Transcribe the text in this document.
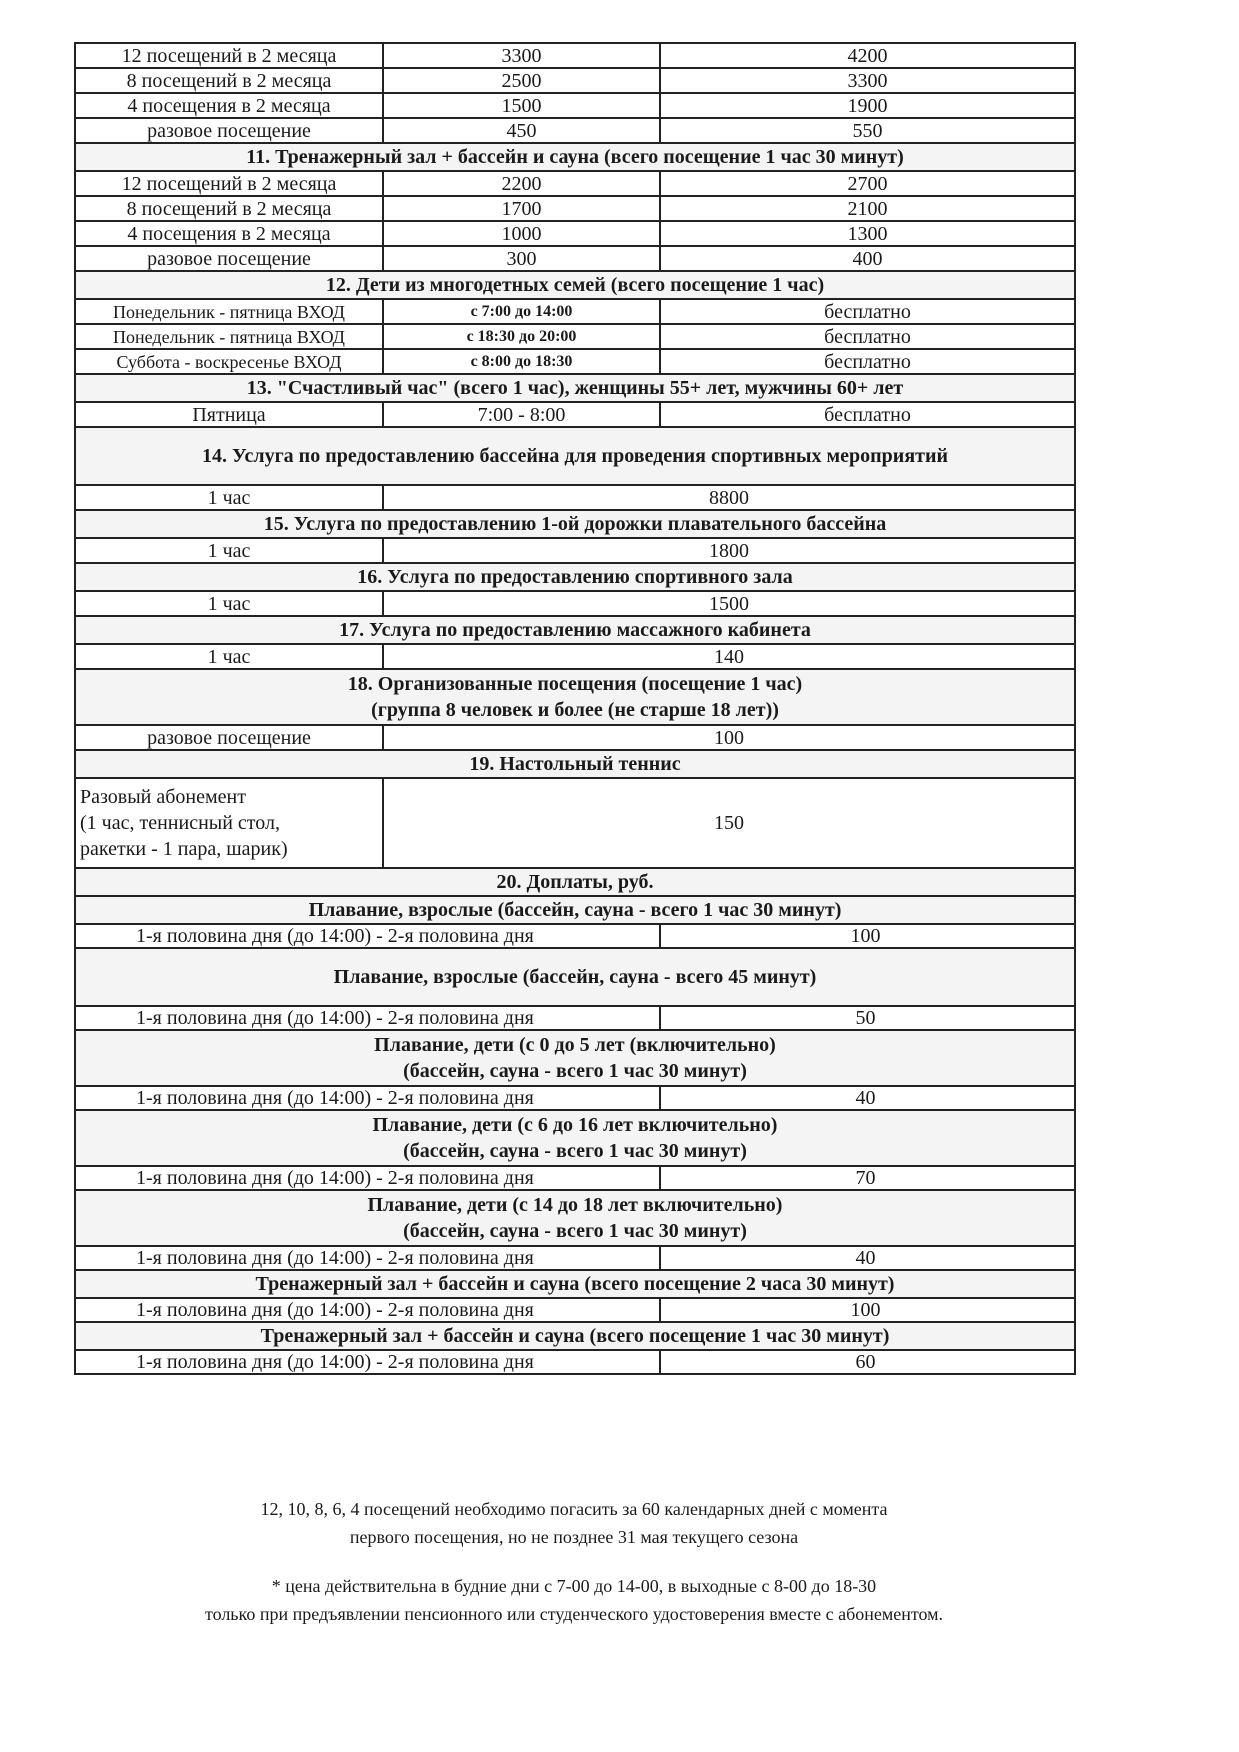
12 посещений в 2 месяца	3300	4200
8 посещений в 2 месяца	2500	3300
4 посещения в 2 месяца	1500	1900
разовое посещение	450	550
11. Тренажерный зал + бассейн и сауна (всего посещение 1 час 30 минут)		
12 посещений в 2 месяца	2200	2700
8 посещений в 2 месяца	1700	2100
4 посещения в 2 месяца	1000	1300
разовое посещение	300	400
12. Дети из многодетных семей (всего посещение 1 час)		
Понедельник - пятница ВХОД	с 7:00 до 14:00	бесплатно
Понедельник - пятница ВХОД	с 18:30 до 20:00	бесплатно
Суббота - воскресенье ВХОД	с 8:00 до 18:30	бесплатно
13. "Счастливый час" (всего 1 час), женщины 55+ лет, мужчины 60+ лет		
Пятница	7:00 - 8:00	бесплатно
14. Услуга по предоставлению бассейна для проведения спортивных мероприятий		
1 час	8800	
15. Услуга по предоставлению 1-ой дорожки плавательного бассейна		
1 час	1800	
16. Услуга по предоставлению спортивного зала		
1 час	1500	
17. Услуга по предоставлению массажного кабинета		
1 час	140	

18. Организованные посещения (посещение 1 час)
(группа 8 человек и более (не старше 18 лет))		

разовое посещение	100	
19. Настольный теннис		

Разовый абонемент
(1 час, теннисный стол,
ракетки - 1 пара, шарик)	150	
20. Доплаты, руб.		
Плавание, взрослые (бассейн, сауна - всего 1 час 30 минут)		
1-я половина дня (до 14:00) - 2-я половина дня		100
Плавание, взрослые (бассейн, сауна - всего 45 минут)		
1-я половина дня (до 14:00) - 2-я половина дня		50

Плавание, дети (с 0 до 5 лет (включительно)
(бассейн, сауна - всего 1 час 30 минут)		

1-я половина дня (до 14:00) - 2-я половина дня		40

Плавание, дети (с 6 до 16 лет включительно)
(бассейн, сауна - всего 1 час 30 минут)		

1-я половина дня (до 14:00) - 2-я половина дня		70

Плавание, дети (с 14 до 18 лет включительно)
(бассейн, сауна - всего 1 час 30 минут)		

1-я половина дня (до 14:00) - 2-я половина дня		40
Тренажерный зал + бассейн и сауна (всего посещение 2 часа 30 минут)		
1-я половина дня (до 14:00) - 2-я половина дня		100
Тренажерный зал + бассейн и сауна (всего посещение 1 час 30 минут)		
1-я половина дня (до 14:00) - 2-я половина дня		60
12, 10, 8, 6, 4 посещений необходимо погасить за 60 календарных дней с момента
первого посещения, но не позднее 31 мая текущего сезона
* цена действительна в будние дни с 7-00 до 14-00, в выходные с 8-00 до 18-30
только при предъявлении пенсионного или студенческого удостоверения вместе с абонементом.
